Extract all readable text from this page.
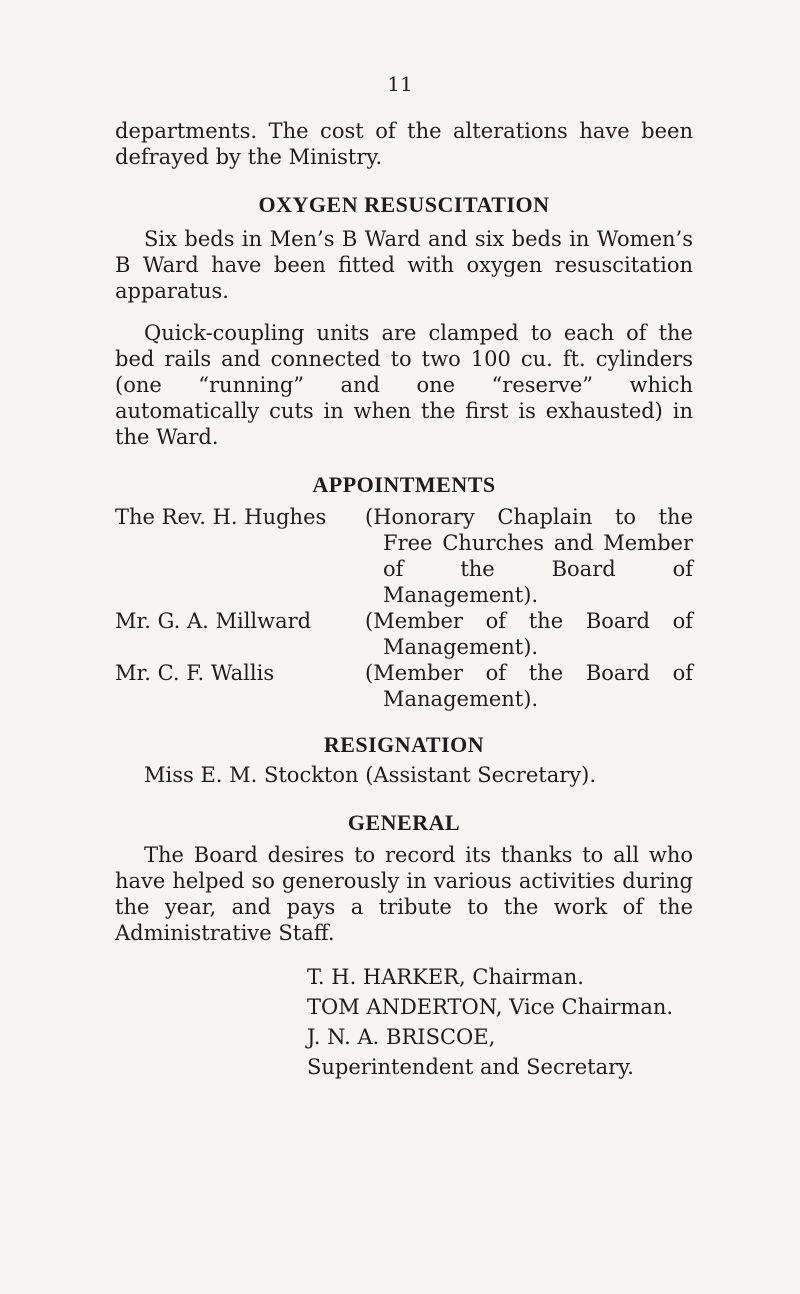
11

departments. The cost of the alterations have been defrayed by the Ministry.

OXYGEN RESUSCITATION

Six beds in Men’s B Ward and six beds in Women’s B Ward have been fitted with oxygen resuscitation apparatus.

Quick-coupling units are clamped to each of the bed rails and connected to two 100 cu. ft. cylinders (one “running” and one “reserve” which automatically cuts in when the first is exhausted) in the Ward.

APPOINTMENTS
The Rev. H. Hughes	(Honorary Chaplain to the Free Churches and Member of the Board of Management).
Mr. G. A. Millward	(Member of the Board of Management).
Mr. C. F. Wallis	(Member of the Board of Management).
RESIGNATION

Miss E. M. Stockton (Assistant Secretary).

GENERAL

The Board desires to record its thanks to all who have helped so generously in various activities during the year, and pays a tribute to the work of the Administrative Staff.

T. H. HARKER, Chairman.
TOM ANDERTON, Vice Chairman.
J. N. A. BRISCOE,
Superintendent and Secretary.
